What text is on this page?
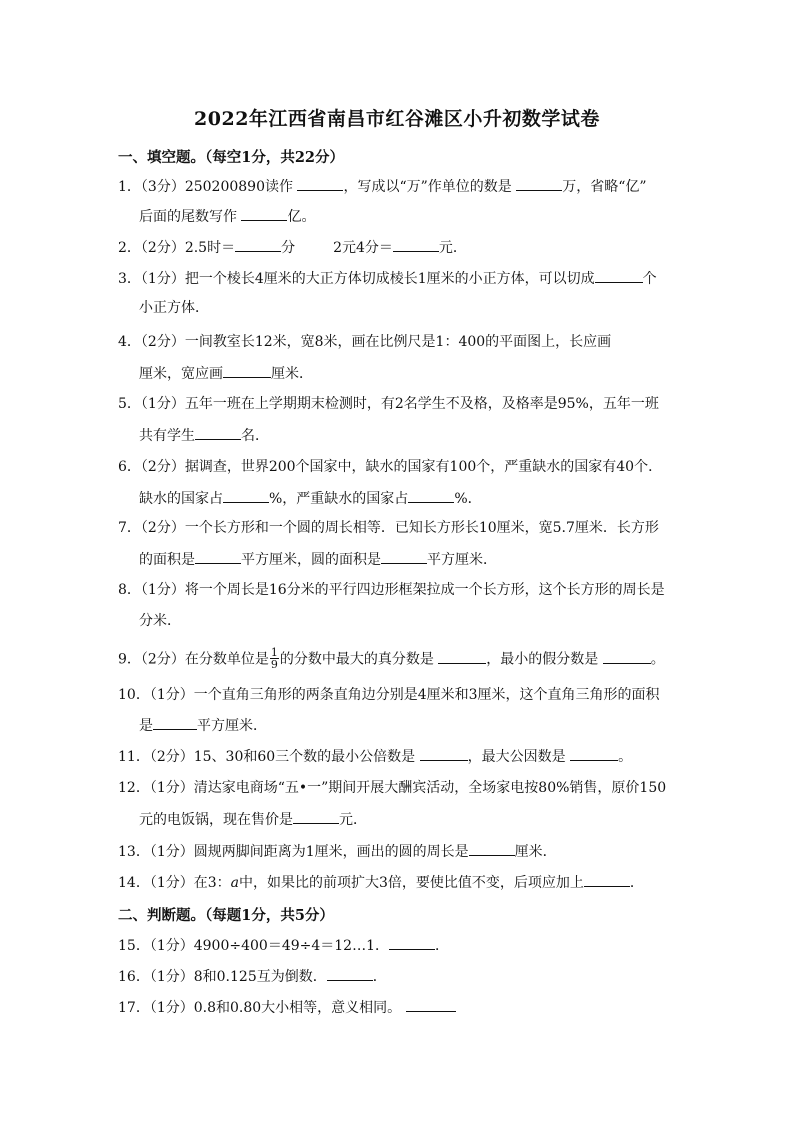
2022年江西省南昌市红谷滩区小升初数学试卷
一、填空题。（每空1分，共22分）
1．（3分）250200890读作	，写成以“万”作单位的数是	万，省略“亿”
后面的尾数写作	亿。
2．（2分）2.5时＝	分	2元4分＝	元．
3．（1分）把一个棱长4厘米的大正方体切成棱长1厘米的小正方体，可以切成	个
小正方体．
4．（2分）一间教室长12米，宽8米，画在比例尺是1：400的平面图上，长应画
厘米，宽应画	厘米．
5．（1分）五年一班在上学期期末检测时，有2名学生不及格，及格率是95%，五年一班
共有学生	名．
6．（2分）据调查，世界200个国家中，缺水的国家有100个，严重缺水的国家有40个．
缺水的国家占	%，严重缺水的国家占	%．
7．（2分）一个长方形和一个圆的周长相等．已知长方形长10厘米，宽5.7厘米．长方形
的面积是	平方厘米，圆的面积是	平方厘米．
8．（1分）将一个周长是16分米的平行四边形框架拉成一个长方形，这个长方形的周长是
分米．
9．（2分）在分数单位是 $\frac{1}{9}$ 的分数中最大的真分数是	，最小的假分数是	。
10．（1分）一个直角三角形的两条直角边分别是4厘米和3厘米，这个直角三角形的面积
是	平方厘米．
11．（2分）15、30和60三个数的最小公倍数是	，最大公因数是	。
12．（1分）清达家电商场“五•一”期间开展大酬宾活动，全场家电按80%销售，原价150
元的电饭锅，现在售价是	元．
13．（1分）圆规两脚间距离为1厘米，画出的圆的周长是	厘米．
14．（1分）在3：a中，如果比的前项扩大3倍，要使比值不变，后项应加上	．
二、判断题。（每题1分，共5分）
15．（1分）4900÷400＝49÷4＝12…1．	．
16．（1分）8和0.125互为倒数．	．
17．（1分）0.8和0.80大小相等，意义相同。
